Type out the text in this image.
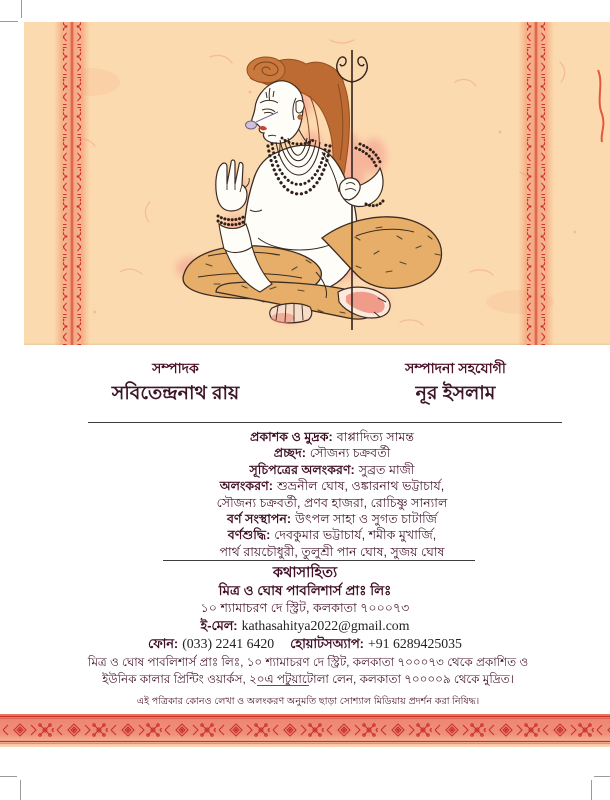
সম্পাদক
সবিতেন্দ্রনাথ রায়
সম্পাদনা সহযোগী
নূর ইসলাম
প্রকাশক ও মুদ্রক: বাপ্পাদিত্য সামন্ত
প্রচ্ছদ: সৌজন্য চক্রবর্তী
সূচিপত্রের অলংকরণ: সুব্রত মাজী
অলংকরণ: শুভ্রনীল ঘোষ, ওঙ্কারনাথ ভট্টাচার্য,
সৌজন্য চক্রবর্তী, প্রণব হাজরা, রোচিষ্ণু সান্যাল
বর্ণ সংস্থাপন: উৎপল সাহা ও সুগত চাটার্জি
বর্ণশুদ্ধি: দেবকুমার ভট্টাচার্য, শমীক মুখার্জি,
পার্থ রায়চৌধুরী, তুলুশ্রী পান ঘোষ, সুজয় ঘোষ
কথাসাহিত্য
মিত্র ও ঘোষ পাবলিশার্স প্রাঃ লিঃ
১০ শ্যামাচরণ দে স্ট্রিট, কলকাতা ৭০০০৭৩
ই-মেল: kathasahitya2022@gmail.com
ফোন: (033) 2241 6420 হোয়াটসঅ্যাপ: +91 6289425035
মিত্র ও ঘোষ পাবলিশার্স প্রাঃ লিঃ, ১০ শ্যামাচরণ দে স্ট্রিট, কলকাতা ৭০০০৭৩ থেকে প্রকাশিত ও
ইউনিক কালার প্রিন্টিং ওয়ার্কস, ২০এ পটুয়াটোলা লেন, কলকাতা ৭০০০০৯ থেকে মুদ্রিত।
এই পত্রিকার কোনও লেখা ও অলংকরণ অনুমতি ছাড়া সোশ্যাল মিডিয়ায় প্রদর্শন করা নিষিদ্ধ।
